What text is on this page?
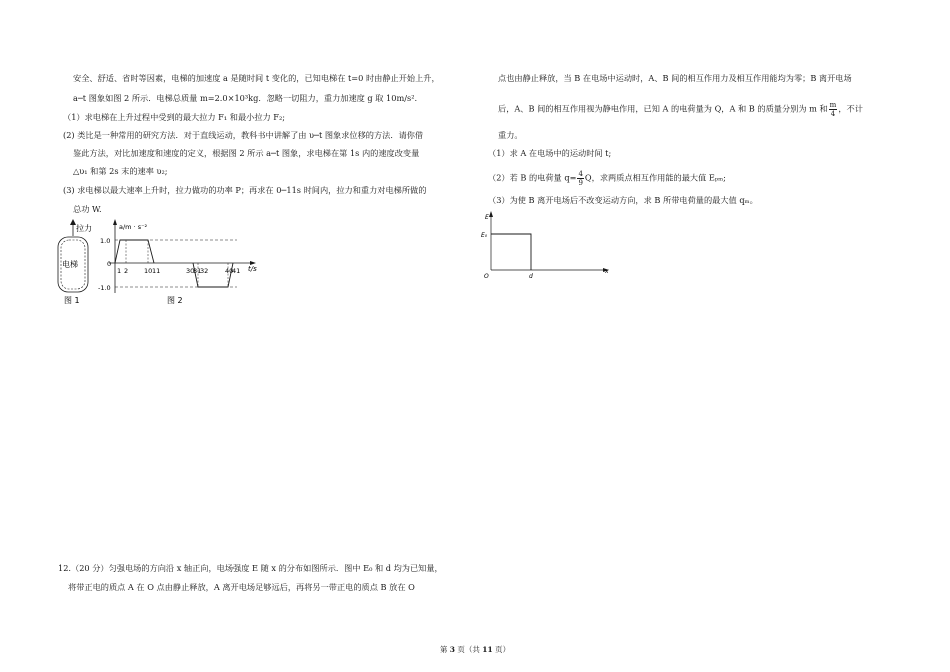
安全、舒适、省时等因素，电梯的加速度 a 是随时间 t 变化的，已知电梯在 t=0 时由静止开始上升，
a─t 图象如图 2 所示．电梯总质量 m=2.0×10³kg．忽略一切阻力，重力加速度 g 取 10m/s².
（1）求电梯在上升过程中受到的最大拉力 F₁ 和最小拉力 F₂;
(2) 类比是一种常用的研究方法．对于直线运动，教科书中讲解了由 υ─t 图象求位移的方法．请你借
鉴此方法，对比加速度和速度的定义，根据图 2 所示 a─t 图象，求电梯在第 1s 内的速度改变量
△υ₁ 和第 2s 末的速率 υ₂;
(3) 求电梯以最大速率上升时，拉力做功的功率 P；再求在 0─11s 时间内，拉力和重力对电梯所做的
总功 W.
拉力
电梯
图 1
a/m · s⁻²
t/s
1.0
0
-1.0
1 2 10 11	30
31
32	40
41
图 2
12.（20 分）匀强电场的方向沿 x 轴正向，电场强度 E 随 x 的分布如图所示．图中 E₀ 和 d 均为已知量，
将带正电的质点 A 在 O 点由静止释放，A 离开电场足够远后，再将另一带正电的质点 B 放在 O
点也由静止释放，当 B 在电场中运动时，A、B 间的相互作用力及相互作用能均为零；B 离开电场
后，A、B 间的相互作用视为静电作用，已知 A 的电荷量为 Q，A 和 B 的质量分别为 m 和 $\frac{m}{4}$ ，不计
重力。
（1）求 A 在电场中的运动时间 t;
（2）若 B 的电荷量 $q= \frac{4}{9}$ Q，求两质点相互作用能的最大值 Eₚₘ;
（3）为使 B 离开电场后不改变运动方向，求 B 所带电荷量的最大值 qₘ。
E
E₀
O	d
x
第 3 页（共 11 页）
